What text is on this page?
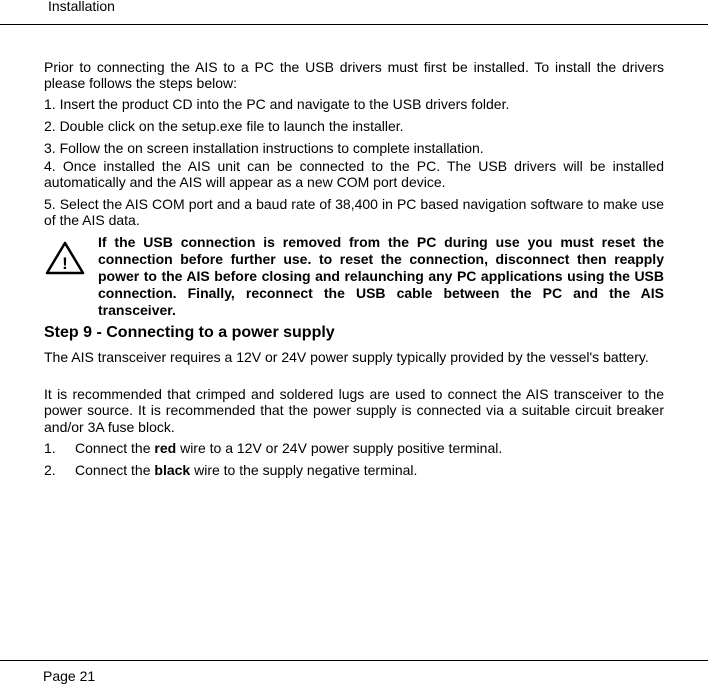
Installation

Prior to connecting the AIS to a PC the USB drivers must first be installed. To install the drivers please follows the steps below:

1. Insert the product CD into the PC and navigate to the USB drivers folder.

2. Double click on the setup.exe file to launch the installer.

3. Follow the on screen installation instructions to complete installation.

4. Once installed the AIS unit can be connected to the PC. The USB drivers will be installed automatically and the AIS will appear as a new COM port device.

5. Select the AIS COM port and a baud rate of 38,400 in PC based navigation software to make use of the AIS data.

!

If the USB connection is removed from the PC during use you must reset the connection before further use. to reset the connection, disconnect then reapply power to the AIS before closing and relaunching any PC applications using the USB connection. Finally, reconnect the USB cable between the PC and the AIS transceiver.

Step 9 - Connecting to a power supply

The AIS transceiver requires a 12V or 24V power supply typically provided by the vessel's battery.

It is recommended that crimped and soldered lugs are used to connect the AIS transceiver to the power source. It is recommended that the power supply is connected via a suitable circuit breaker and/or 3A fuse block.

1. Connect the red wire to a 12V or 24V power supply positive terminal.
2. Connect the black wire to the supply negative terminal.
Page 21
